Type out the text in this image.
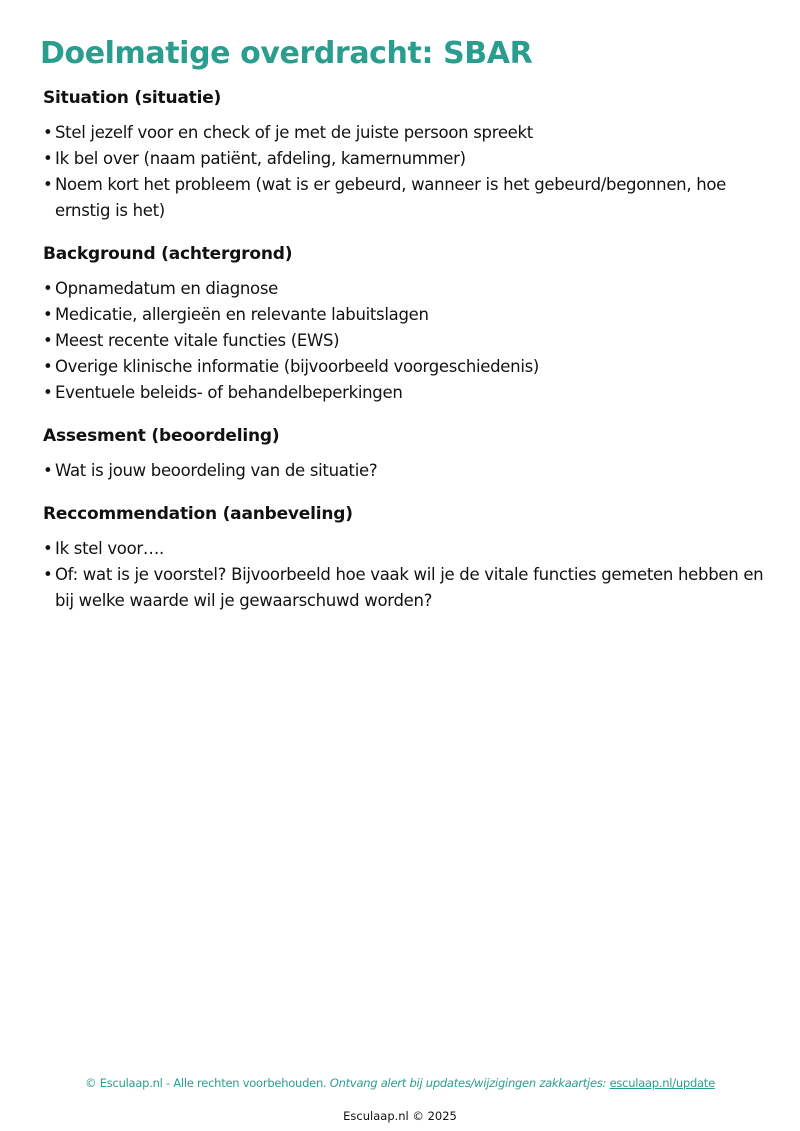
Doelmatige overdracht: SBAR
Situation (situatie)
• Stel jezelf voor en check of je met de juiste persoon spreekt
• Ik bel over (naam patiënt, afdeling, kamernummer)
• Noem kort het probleem (wat is er gebeurd, wanneer is het gebeurd/begonnen, hoe ernstig is het)
Background (achtergrond)
• Opnamedatum en diagnose
• Medicatie, allergieën en relevante labuitslagen
• Meest recente vitale functies (EWS)
• Overige klinische informatie (bijvoorbeeld voorgeschiedenis)
• Eventuele beleids- of behandelbeperkingen
Assesment (beoordeling)
• Wat is jouw beoordeling van de situatie?
Reccommendation (aanbeveling)
• Ik stel voor….
• Of: wat is je voorstel? Bijvoorbeeld hoe vaak wil je de vitale functies gemeten hebben en bij welke waarde wil je gewaarschuwd worden?
© Esculaap.nl - Alle rechten voorbehouden. Ontvang alert bij updates/wijzigingen zakkaartjes: esculaap.nl/update
Esculaap.nl © 2025
